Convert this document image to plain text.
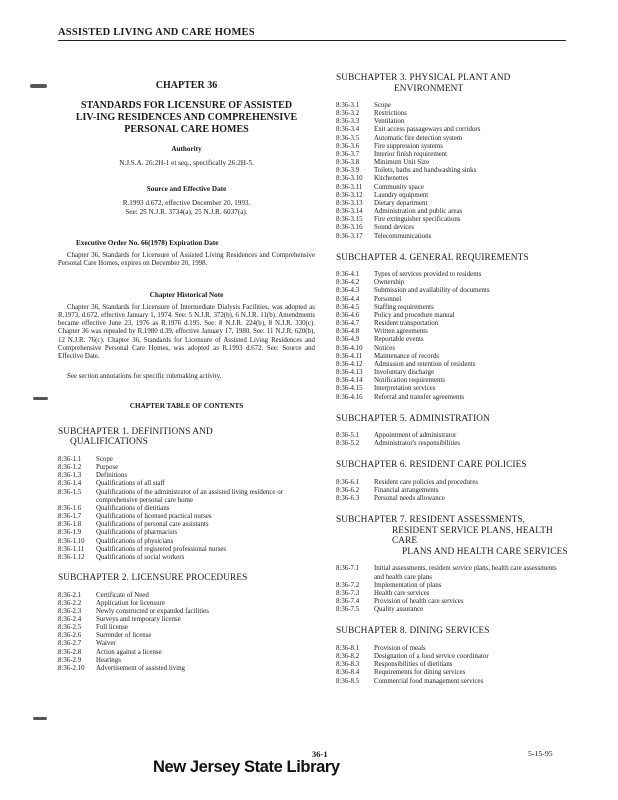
ASSISTED LIVING AND CARE HOMES
CHAPTER 36
STANDARDS FOR LICENSURE OF ASSISTED LIV-ING RESIDENCES AND COMPREHENSIVE PERSONAL CARE HOMES
Authority
N.J.S.A. 26:2H-1 et seq., specifically 26:2H-5.
Source and Effective Date
R.1993 d.672, effective December 20, 1993.
See: 25 N.J.R. 3734(a), 25 N.J.R. 6037(a).
Executive Order No. 66(1978) Expiration Date

Chapter 36, Standards for Licensure of Assisted Living Residences and Comprehensive Personal Care Homes, expires on December 20, 1998.

Chapter Historical Note

Chapter 36, Standards for Licensure of Intermediate Dialysis Facilities, was adopted as R.1973, d.672, effective January 1, 1974. See: 5 N.J.R. 372(b), 6 N.J.R. 11(b). Amendments became effective June 23, 1976 as R.1976 d.195. See: 8 N.J.R. 224(b), 8 N.J.R. 330(c). Chapter 36 was repealed by R.1980 d.39, effective January 17, 1980. See: 11 N.J.R. 620(b), 12 N.J.R. 76(c). Chapter 36, Standards for Licensure of Assisted Living Residences and Comprehensive Personal Care Homes, was adopted as R.1993 d.672. See: Source and Effective Date.

See section annotations for specific rulemaking activity.

CHAPTER TABLE OF CONTENTS
SUBCHAPTER 1. DEFINITIONS AND
QUALIFICATIONS
8:36-1.1	Scope
8:36-1.2	Purpose
8:36-1.3	Definitions
8:36-1.4	Qualifications of all staff
8:36-1.5	Qualifications of the administrator of an assisted living residence or comprehensive personal care home
8:36-1.6	Qualifications of dietitians
8:36-1.7	Qualifications of licensed practical nurses
8:36-1.8	Qualifications of personal care assistants
8:36-1.9	Qualifications of pharmacists
8:36-1.10	Qualifications of physicians
8:36-1.11	Qualifications of registered professional nurses
8:36-1.12	Qualifications of social workers
SUBCHAPTER 2. LICENSURE PROCEDURES
8:36-2.1	Certificate of Need
8:36-2.2	Application for licensure
8:36-2.3	Newly constructed or expanded facilities
8:36-2.4	Surveys and temporary license
8:36-2.5	Full license
8:36-2.6	Surrender of license
8:36-2.7	Waiver
8:36-2.8	Action against a license
8:36-2.9	Hearings
8:36-2.10	Advertisement of assisted living
SUBCHAPTER 3. PHYSICAL PLANT AND
ENVIRONMENT
8:36-3.1	Scope
8:36-3.2	Restrictions
8:36-3.3	Ventilation
8:36-3.4	Exit access passageways and corridors
8:36-3.5	Automatic fire detection system
8:36-3.6	Fire suppression systems
8:36-3.7	Interior finish requirement
8:36-3.8	Minimum Unit Size
8:36-3.9	Toilets, baths and handwashing sinks
8:36-3.10	Kitchenettes
8:36-3.11	Community space
8:36-3.12	Laundry equipment
8:36-3.13	Dietary department
8:36-3.14	Administration and public areas
8:36-3.15	Fire extinguisher specifications
8:36-3.16	Sound devices
8:36-3.17	Telecommunications
SUBCHAPTER 4. GENERAL REQUIREMENTS
8:36-4.1	Types of services provided to residents
8:36-4.2	Ownership
8:36-4.3	Submission and availability of documents
8:36-4.4	Personnel
8:36-4.5	Staffing requirements
8:36-4.6	Policy and procedure manual
8:36-4.7	Resident transportation
8:36-4.8	Written agreements
8:36-4.9	Reportable events
8:36-4.10	Notices
8:36-4.11	Maintenance of records
8:36-4.12	Admission and retention of residents
8:36-4.13	Involuntary discharge
8:36-4.14	Notification requirements
8:36-4.15	Interpretation services
8:36-4.16	Referral and transfer agreements
SUBCHAPTER 5. ADMINISTRATION
8:36-5.1	Appointment of administrator
8:36-5.2	Administrator's responsibilities
SUBCHAPTER 6. RESIDENT CARE POLICIES
8:36-6.1	Resident care policies and procedures
8:36-6.2	Financial arrangements
8:36-6.3	Personal needs allowance
SUBCHAPTER 7. RESIDENT ASSESSMENTS,
RESIDENT SERVICE PLANS, HEALTH CARE
PLANS AND HEALTH CARE SERVICES
8:36-7.1	Initial assessments, resident service plans, health care assessments and health care plans
8:36-7.2	Implementation of plans
8:36-7.3	Health care services
8:36-7.4	Provision of health care services
8:36-7.5	Quality assurance
SUBCHAPTER 8. DINING SERVICES
8:36-8.1	Provision of meals
8:36-8.2	Designation of a food service coordinator
8:36-8.3	Responsibilities of dietitians
8:36-8.4	Requirements for dining services
8:36-8.5	Commercial food management services
36-1	5-15-95
New Jersey State Library
